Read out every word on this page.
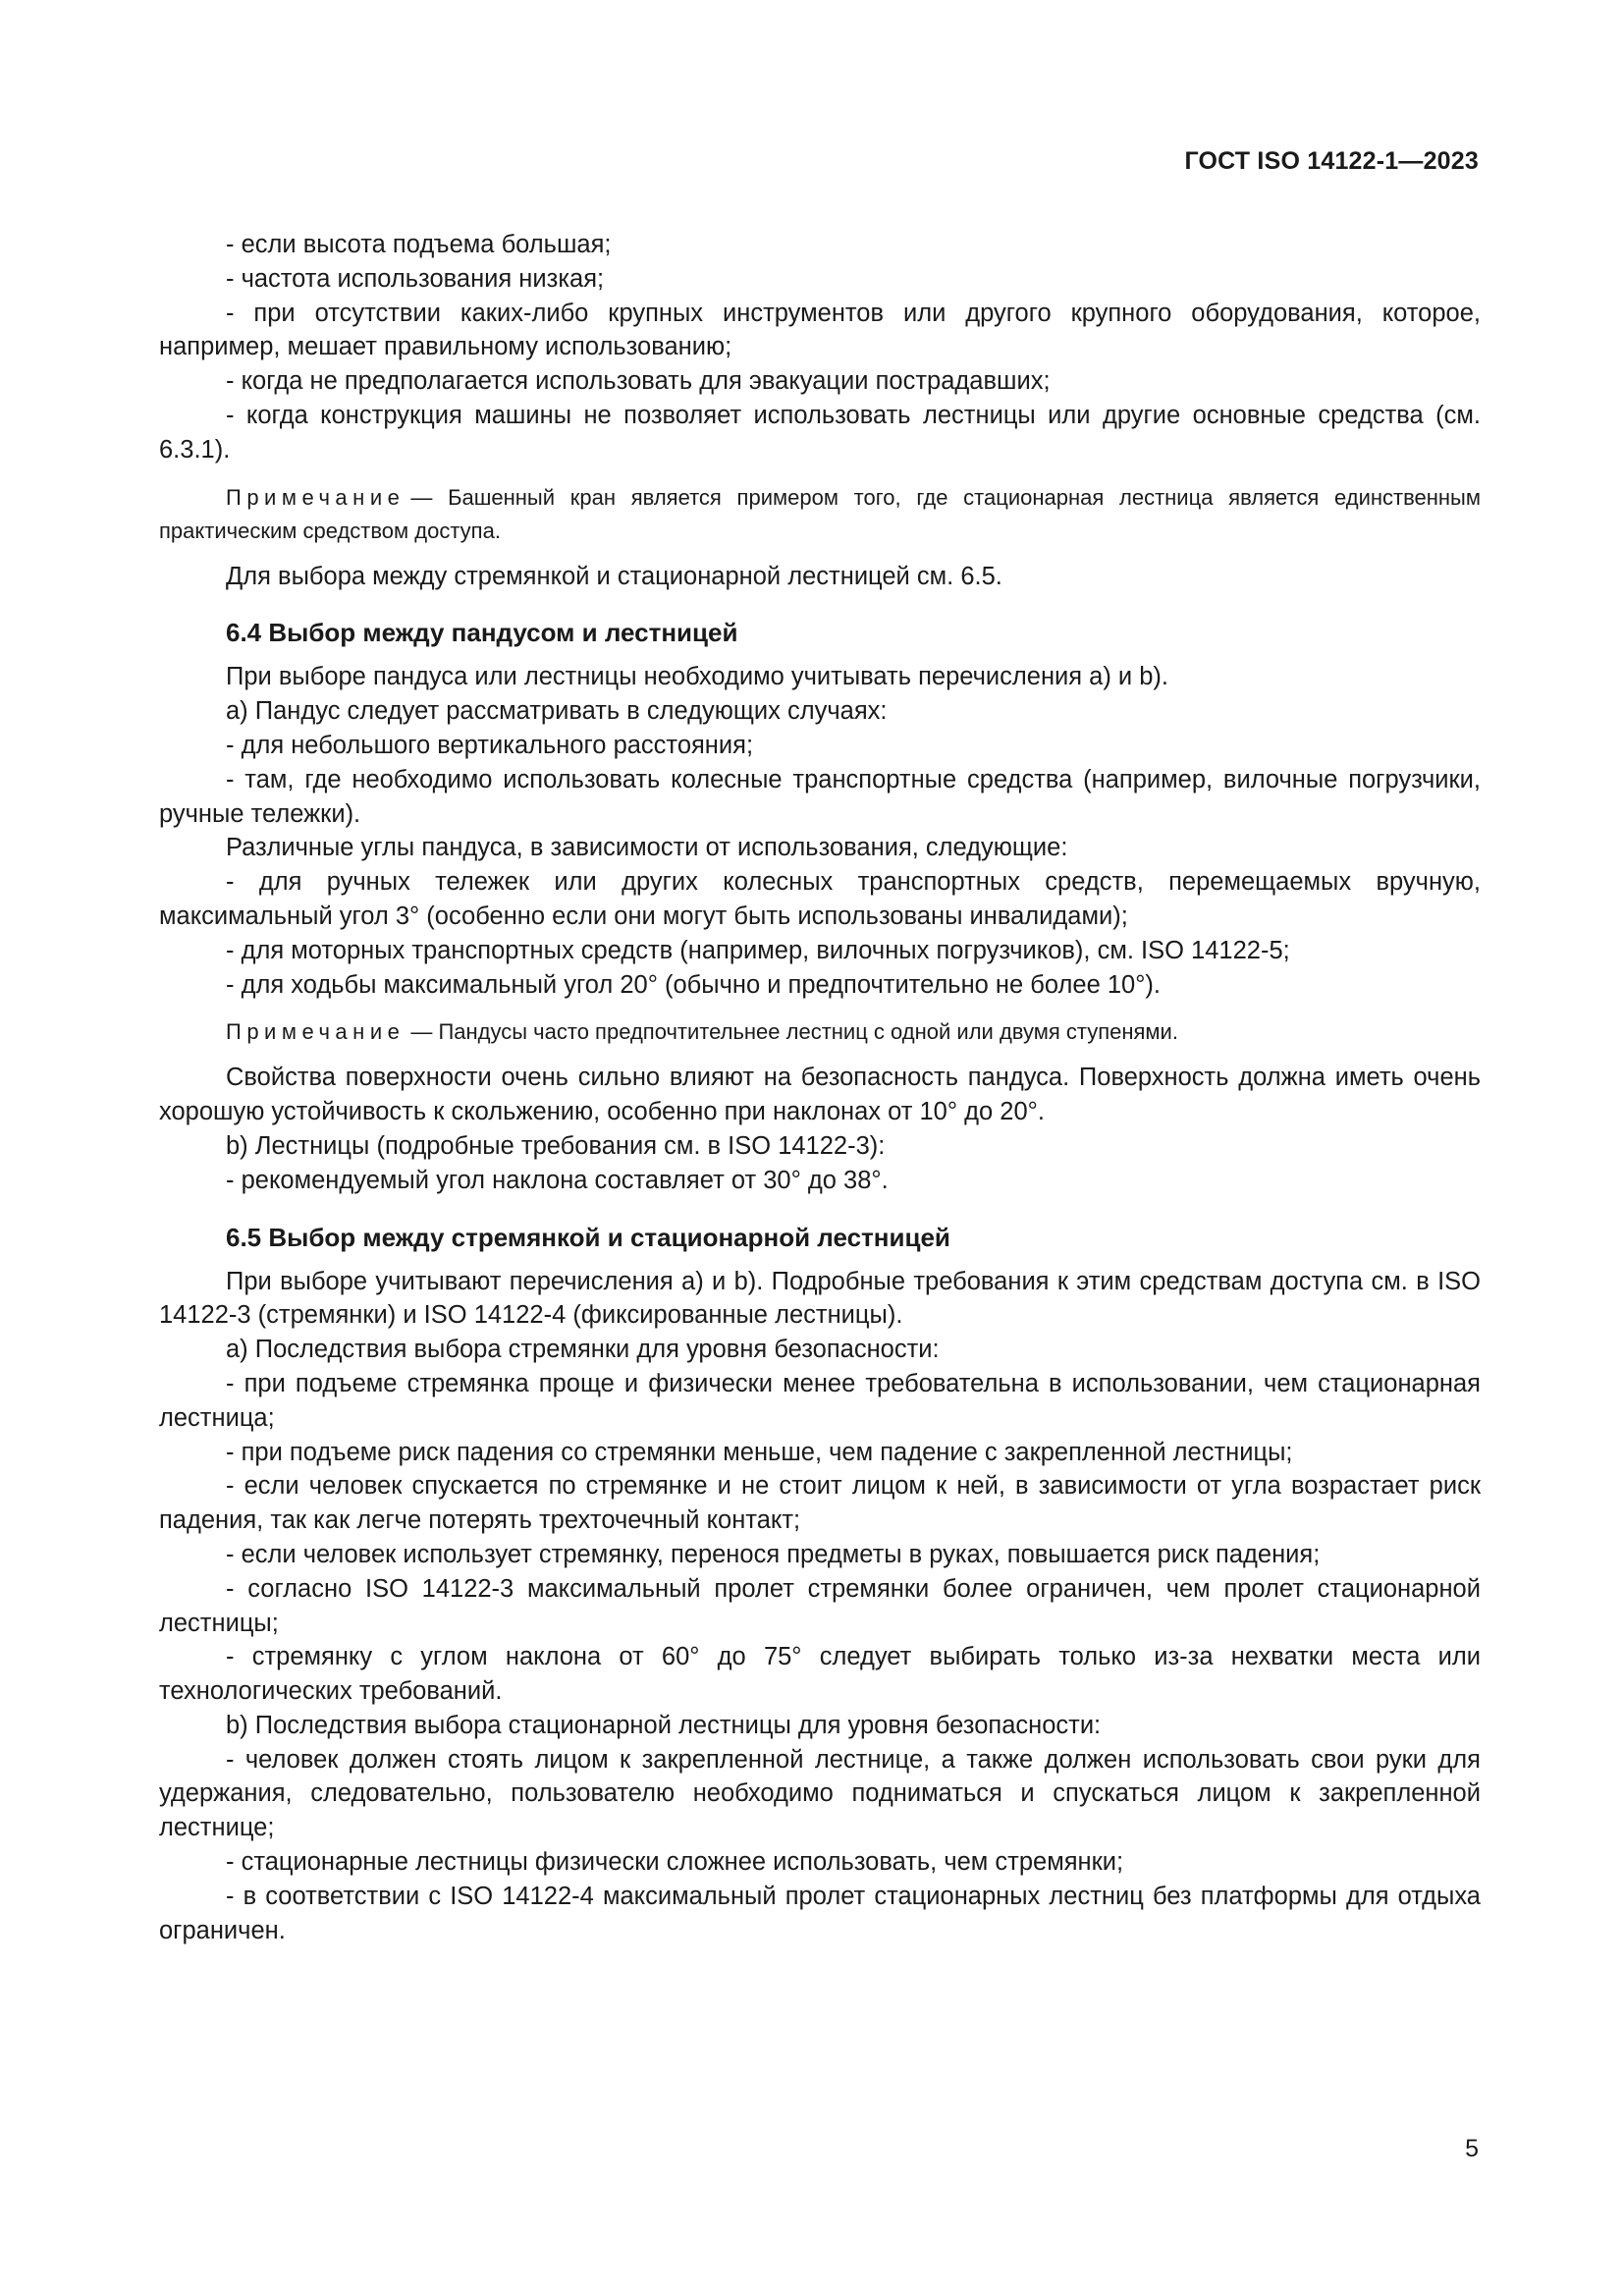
ГОСТ ISO 14122-1—2023

- если высота подъема большая;

- частота использования низкая;

- при отсутствии каких-либо крупных инструментов или другого крупного оборудования, которое, например, мешает правильному использованию;

- когда не предполагается использовать для эвакуации пострадавших;

- когда конструкция машины не позволяет использовать лестницы или другие основные средства (см. 6.3.1).

Примечание — Башенный кран является примером того, где стационарная лестница является единственным практическим средством доступа.

Для выбора между стремянкой и стационарной лестницей см. 6.5.

6.4 Выбор между пандусом и лестницей

При выборе пандуса или лестницы необходимо учитывать перечисления а) и b).

а) Пандус следует рассматривать в следующих случаях:

- для небольшого вертикального расстояния;

- там, где необходимо использовать колесные транспортные средства (например, вилочные погрузчики, ручные тележки).

Различные углы пандуса, в зависимости от использования, следующие:

- для ручных тележек или других колесных транспортных средств, перемещаемых вручную, максимальный угол 3° (особенно если они могут быть использованы инвалидами);

- для моторных транспортных средств (например, вилочных погрузчиков), см. ISO 14122-5;

- для ходьбы максимальный угол 20° (обычно и предпочтительно не более 10°).

Примечание — Пандусы часто предпочтительнее лестниц с одной или двумя ступенями.

Свойства поверхности очень сильно влияют на безопасность пандуса. Поверхность должна иметь очень хорошую устойчивость к скольжению, особенно при наклонах от 10° до 20°.

b) Лестницы (подробные требования см. в ISO 14122-3):

- рекомендуемый угол наклона составляет от 30° до 38°.

6.5 Выбор между стремянкой и стационарной лестницей

При выборе учитывают перечисления а) и b). Подробные требования к этим средствам доступа см. в ISO 14122-3 (стремянки) и ISO 14122-4 (фиксированные лестницы).

а) Последствия выбора стремянки для уровня безопасности:

- при подъеме стремянка проще и физически менее требовательна в использовании, чем стационарная лестница;

- при подъеме риск падения со стремянки меньше, чем падение с закрепленной лестницы;

- если человек спускается по стремянке и не стоит лицом к ней, в зависимости от угла возрастает риск падения, так как легче потерять трехточечный контакт;

- если человек использует стремянку, перенося предметы в руках, повышается риск падения;

- согласно ISO 14122-3 максимальный пролет стремянки более ограничен, чем пролет стационарной лестницы;

- стремянку с углом наклона от 60° до 75° следует выбирать только из-за нехватки места или технологических требований.

b) Последствия выбора стационарной лестницы для уровня безопасности:

- человек должен стоять лицом к закрепленной лестнице, а также должен использовать свои руки для удержания, следовательно, пользователю необходимо подниматься и спускаться лицом к закрепленной лестнице;

- стационарные лестницы физически сложнее использовать, чем стремянки;

- в соответствии с ISO 14122-4 максимальный пролет стационарных лестниц без платформы для отдыха ограничен.

5
